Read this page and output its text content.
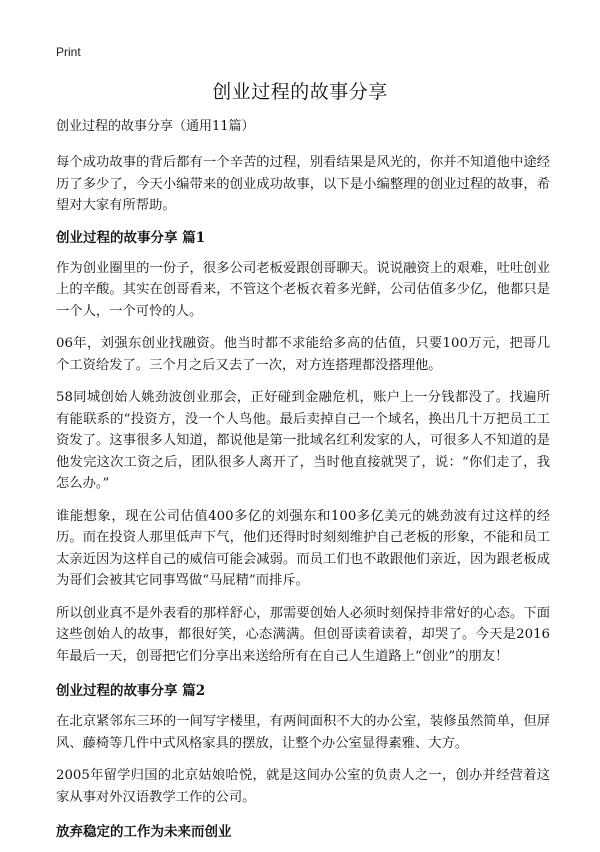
Print
创业过程的故事分享
创业过程的故事分享（通用11篇）

每个成功故事的背后都有一个辛苦的过程，别看结果是风光的，你并不知道他中途经历了多少了，今天小编带来的创业成功故事，以下是小编整理的创业过程的故事，希望对大家有所帮助。

创业过程的故事分享 篇1

作为创业圈里的一份子，很多公司老板爱跟创哥聊天。说说融资上的艰难，吐吐创业上的辛酸。其实在创哥看来，不管这个老板衣着多光鲜，公司估值多少亿，他都只是一个人，一个可怜的人。

06年，刘强东创业找融资。他当时都不求能给多高的估值，只要100万元，把哥几个工资给发了。三个月之后又去了一次，对方连搭理都没搭理他。

58同城创始人姚劲波创业那会，正好碰到金融危机，账户上一分钱都没了。找遍所有能联系的“投资方，没一个人鸟他。最后卖掉自己一个域名，换出几十万把员工工资发了。这事很多人知道，都说他是第一批域名红利发家的人，可很多人不知道的是他发完这次工资之后，团队很多人离开了，当时他直接就哭了，说：“你们走了，我怎么办。”

谁能想象，现在公司估值400多亿的刘强东和100多亿美元的姚劲波有过这样的经历。而在投资人那里低声下气，他们还得时时刻刻维护自己老板的形象，不能和员工太亲近因为这样自己的威信可能会减弱。而员工们也不敢跟他们亲近，因为跟老板成为哥们会被其它同事骂做“马屁精”而排斥。

所以创业真不是外表看的那样舒心，那需要创始人必须时刻保持非常好的心态。下面这些创始人的故事，都很好笑，心态满满。但创哥读着读着，却哭了。今天是2016年最后一天，创哥把它们分享出来送给所有在自己人生道路上“创业”的朋友！

创业过程的故事分享 篇2

在北京紧邻东三环的一间写字楼里，有两间面积不大的办公室，装修虽然简单，但屏风、藤椅等几件中式风格家具的摆放，让整个办公室显得素雅、大方。

2005年留学归国的北京姑娘哈悦，就是这间办公室的负责人之一，创办并经营着这家从事对外汉语教学工作的公司。

放弃稳定的工作为未来而创业
